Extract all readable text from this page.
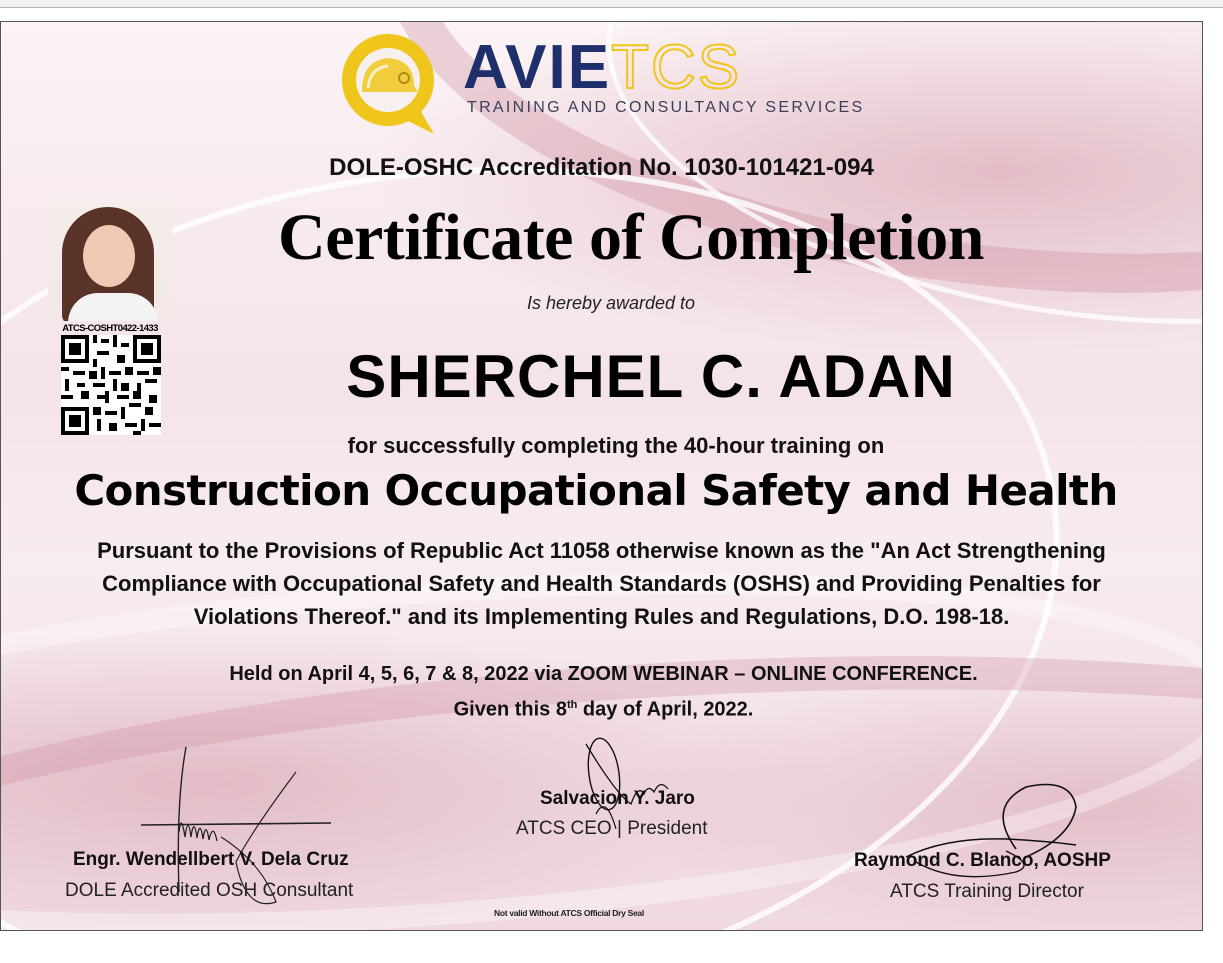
AVIETCS
TRAINING AND CONSULTANCY SERVICES
DOLE-OSHC Accreditation No. 1030-101421-094
Certificate of Completion
Is hereby awarded to
SHERCHEL C. ADAN
for successfully completing the 40-hour training on
Construction Occupational Safety and Health
Pursuant to the Provisions of Republic Act 11058 otherwise known as the "An Act Strengthening
Compliance with Occupational Safety and Health Standards (OSHS) and Providing Penalties for
Violations Thereof." and its Implementing Rules and Regulations, D.O. 198-18.
Held on April 4, 5, 6, 7 & 8, 2022 via ZOOM WEBINAR – ONLINE CONFERENCE.
Given this 8th day of April, 2022.
ATCS-COSHT0422-1433
Engr. Wendellbert V. Dela Cruz
DOLE Accredited OSH Consultant
Salvacion Y. Jaro
ATCS CEO | President
Raymond C. Blanco, AOSHP
ATCS Training Director
Not valid Without ATCS Official Dry Seal
